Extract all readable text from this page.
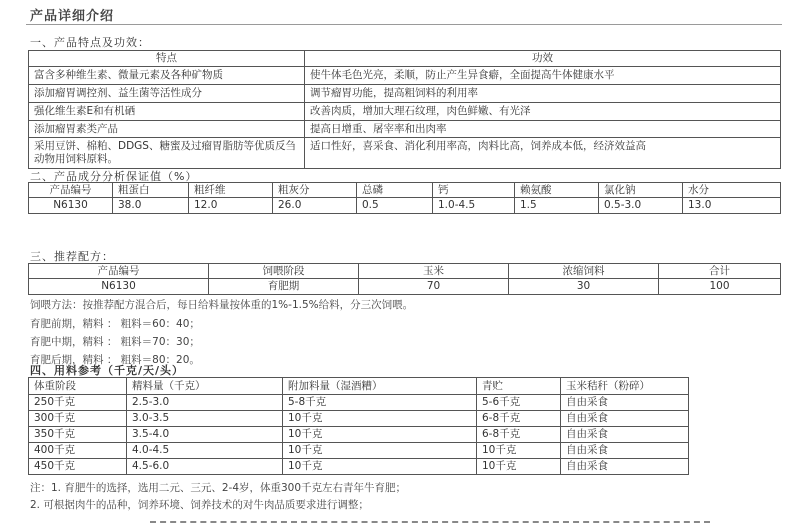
产品详细介绍
一、产品特点及功效：
特点	功效
富含多种维生素、微量元素及各种矿物质	使牛体毛色光亮，柔顺，防止产生异食癖，全面提高牛体健康水平
添加瘤胃调控剂、益生菌等活性成分	调节瘤胃功能，提高粗饲料的利用率
强化维生素E和有机硒	改善肉质，增加大理石纹理，肉色鲜嫩、有光泽
添加瘤胃素类产品	提高日增重、屠宰率和出肉率
采用豆饼、棉粕、DDGS、糖蜜及过瘤胃脂肪等优质反刍动物用饲料原料。	适口性好，喜采食、消化利用率高，肉料比高，饲养成本低，经济效益高
二、产品成分分析保证值（%）
产品编号	粗蛋白	粗纤维	粗灰分	总磷	钙	赖氨酸	氯化钠	水分
N6130	38.0	12.0	26.0	0.5	1.0-4.5	1.5	0.5-3.0	13.0
三、推荐配方：
产品编号	饲喂阶段	玉米	浓缩饲料	合计
N6130	育肥期	70	30	100
饲喂方法：按推荐配方混合后，每日给料量按体重的1%-1.5%给料，分三次饲喂。
育肥前期，精料 ： 粗料＝60：40；
育肥中期，精料 ： 粗料＝70：30；
育肥后期，精料 ： 粗料＝80：20。
四、用料参考（千克/天/头）
体重阶段	精料量（千克）	附加料量（湿酒糟）	青贮	玉米秸秆（粉碎）
250千克	2.5-3.0	5-8千克	5-6千克	自由采食
300千克	3.0-3.5	10千克	6-8千克	自由采食
350千克	3.5-4.0	10千克	6-8千克	自由采食
400千克	4.0-4.5	10千克	10千克	自由采食
450千克	4.5-6.0	10千克	10千克	自由采食
注：1. 育肥牛的选择，选用二元、三元、2-4岁，体重300千克左右青年牛育肥；
2. 可根据肉牛的品种，饲养环境、饲养技术的对牛肉品质要求进行调整；
